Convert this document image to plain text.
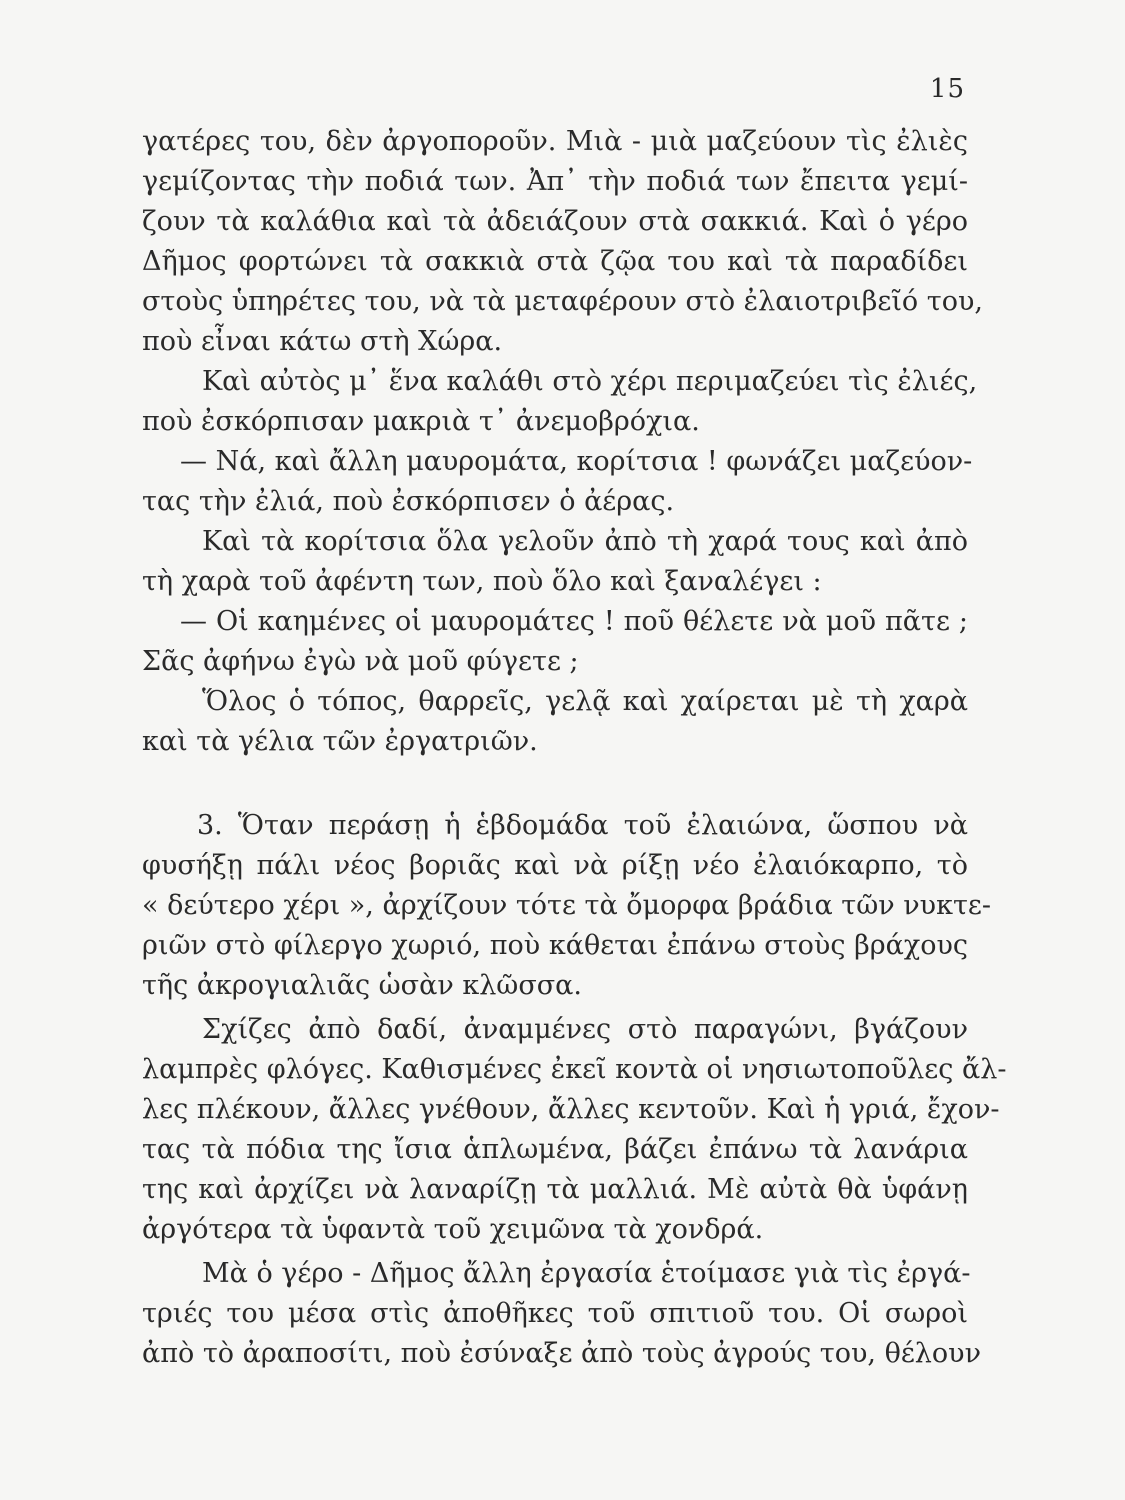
15
γατέρες του, δὲν ἀργοποροῦν. Μιὰ - μιὰ μαζεύουν τὶς ἐλιὲς
γεμίζοντας τὴν ποδιά των. Ἀπ᾽ τὴν ποδιά των ἔπειτα γεμί-
ζουν τὰ καλάθια καὶ τὰ ἀδειάζουν στὰ σακκιά. Καὶ ὁ γέρο
Δῆμος φορτώνει τὰ σακκιὰ στὰ ζῷα του καὶ τὰ παραδίδει
στοὺς ὑπηρέτες του, νὰ τὰ μεταφέρουν στὸ ἐλαιοτριβεῖό του,
ποὺ εἶναι κάτω στὴ Χώρα.
Καὶ αὐτὸς μ᾽ ἕνα καλάθι στὸ χέρι περιμαζεύει τὶς ἐλιές,
ποὺ ἐσκόρπισαν μακριὰ τ᾽ ἀνεμοβρόχια.
— Νά, καὶ ἄλλη μαυρομάτα, κορίτσια ! φωνάζει μαζεύον-
τας τὴν ἐλιά, ποὺ ἐσκόρπισεν ὁ ἀέρας.
Καὶ τὰ κορίτσια ὅλα γελοῦν ἀπὸ τὴ χαρά τους καὶ ἀπὸ
τὴ χαρὰ τοῦ ἀφέντη των, ποὺ ὅλο καὶ ξαναλέγει :
— Οἱ καημένες οἱ μαυρομάτες ! ποῦ θέλετε νὰ μοῦ πᾶτε ;
Σᾶς ἀφήνω ἐγὼ νὰ μοῦ φύγετε ;
Ὅλος ὁ τόπος, θαρρεῖς, γελᾷ καὶ χαίρεται μὲ τὴ χαρὰ
καὶ τὰ γέλια τῶν ἐργατριῶν.
3. Ὅταν περάσῃ ἡ ἑβδομάδα τοῦ ἐλαιώνα, ὥσπου νὰ
φυσήξῃ πάλι νέος βοριᾶς καὶ νὰ ρίξῃ νέο ἐλαιόκαρπο, τὸ
« δεύτερο χέρι », ἀρχίζουν τότε τὰ ὄμορφα βράδια τῶν νυκτε-
ριῶν στὸ φίλεργο χωριό, ποὺ κάθεται ἐπάνω στοὺς βράχους
τῆς ἀκρογιαλιᾶς ὡσὰν κλῶσσα.
Σχίζες ἀπὸ δαδί, ἀναμμένες στὸ παραγώνι, βγάζουν
λαμπρὲς φλόγες. Καθισμένες ἐκεῖ κοντὰ οἱ νησιωτοποῦλες ἄλ-
λες πλέκουν, ἄλλες γνέθουν, ἄλλες κεντοῦν. Καὶ ἡ γριά, ἔχον-
τας τὰ πόδια της ἴσια ἁπλωμένα, βάζει ἐπάνω τὰ λανάρια
της καὶ ἀρχίζει νὰ λαναρίζῃ τὰ μαλλιά. Μὲ αὐτὰ θὰ ὑφάνῃ
ἀργότερα τὰ ὑφαντὰ τοῦ χειμῶνα τὰ χονδρά.
Μὰ ὁ γέρο - Δῆμος ἄλλη ἐργασία ἑτοίμασε γιὰ τὶς ἐργά-
τριές του μέσα στὶς ἀποθῆκες τοῦ σπιτιοῦ του. Οἱ σωροὶ
ἀπὸ τὸ ἀραποσίτι, ποὺ ἐσύναξε ἀπὸ τοὺς ἀγρούς του, θέλουν
